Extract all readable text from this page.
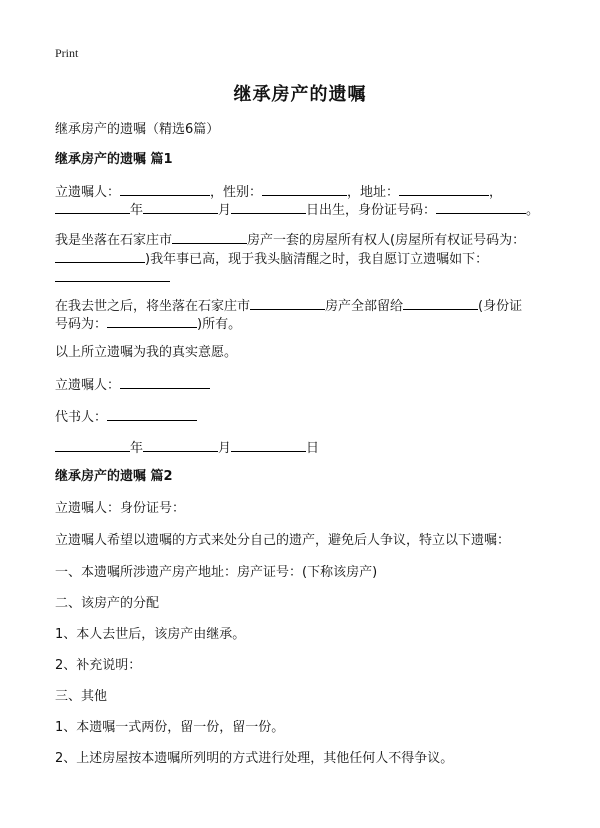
Print
继承房产的遗嘱
继承房产的遗嘱（精选6篇）
继承房产的遗嘱 篇1
立遗嘱人：	，性别：	，地址：	，
年	月	日出生，身份证号码：	。
我是坐落在石家庄市	房产一套的房屋所有权人(房屋所有权证号码为：
)我年事已高，现于我头脑清醒之时，我自愿订立遗嘱如下：
在我去世之后，将坐落在石家庄市	房产全部留给	(身份证
号码为：	)所有。
以上所立遗嘱为我的真实意愿。
立遗嘱人：
代书人：
年	月	日
继承房产的遗嘱 篇2
立遗嘱人：身份证号：
立遗嘱人希望以遗嘱的方式来处分自己的遗产，避免后人争议，特立以下遗嘱：
一、本遗嘱所涉遗产房产地址：房产证号：(下称该房产)
二、该房产的分配
1、本人去世后，该房产由继承。
2、补充说明：
三、其他
1、本遗嘱一式两份，留一份，留一份。
2、上述房屋按本遗嘱所列明的方式进行处理，其他任何人不得争议。
